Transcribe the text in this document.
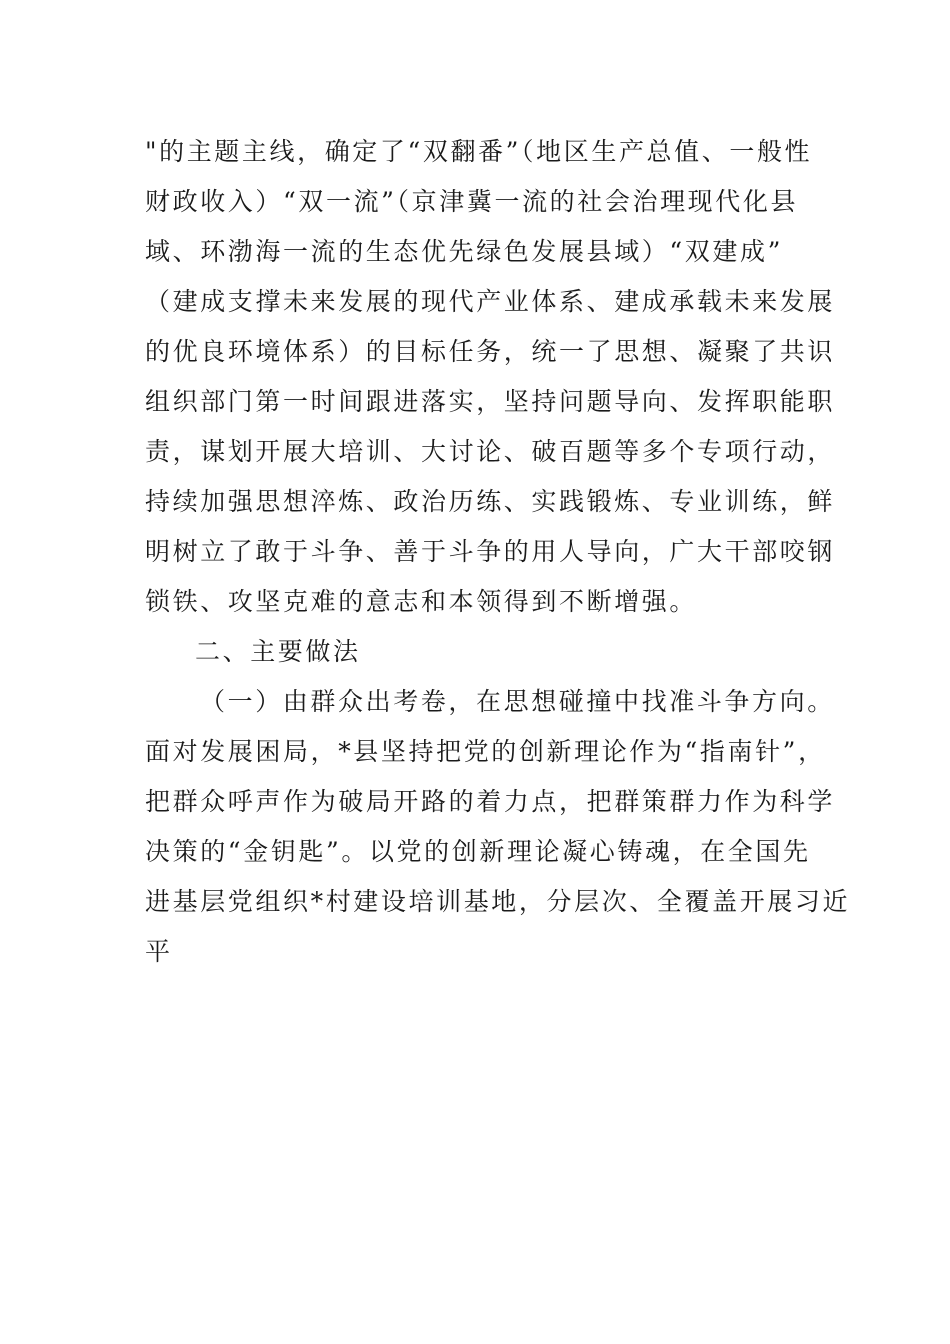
"的主题主线，确定了“双翻番”（地区生产总值、一般性
财政收入）“双一流”（京津冀一流的社会治理现代化县
域、环渤海一流的生态优先绿色发展县域）“双建成”
（建成支撑未来发展的现代产业体系、建成承载未来发展
的优良环境体系）的目标任务，统一了思想、凝聚了共识
组织部门第一时间跟进落实，坚持问题导向、发挥职能职
责，谋划开展大培训、大讨论、破百题等多个专项行动，
持续加强思想淬炼、政治历练、实践锻炼、专业训练，鲜
明树立了敢于斗争、善于斗争的用人导向，广大干部咬钢
锁铁、攻坚克难的意志和本领得到不断增强。
二、主要做法
（一）由群众出考卷，在思想碰撞中找准斗争方向。
面对发展困局，*县坚持把党的创新理论作为“指南针”，
把群众呼声作为破局开路的着力点，把群策群力作为科学
决策的“金钥匙”。以党的创新理论凝心铸魂，在全国先
进基层党组织*村建设培训基地，分层次、全覆盖开展习近
平
